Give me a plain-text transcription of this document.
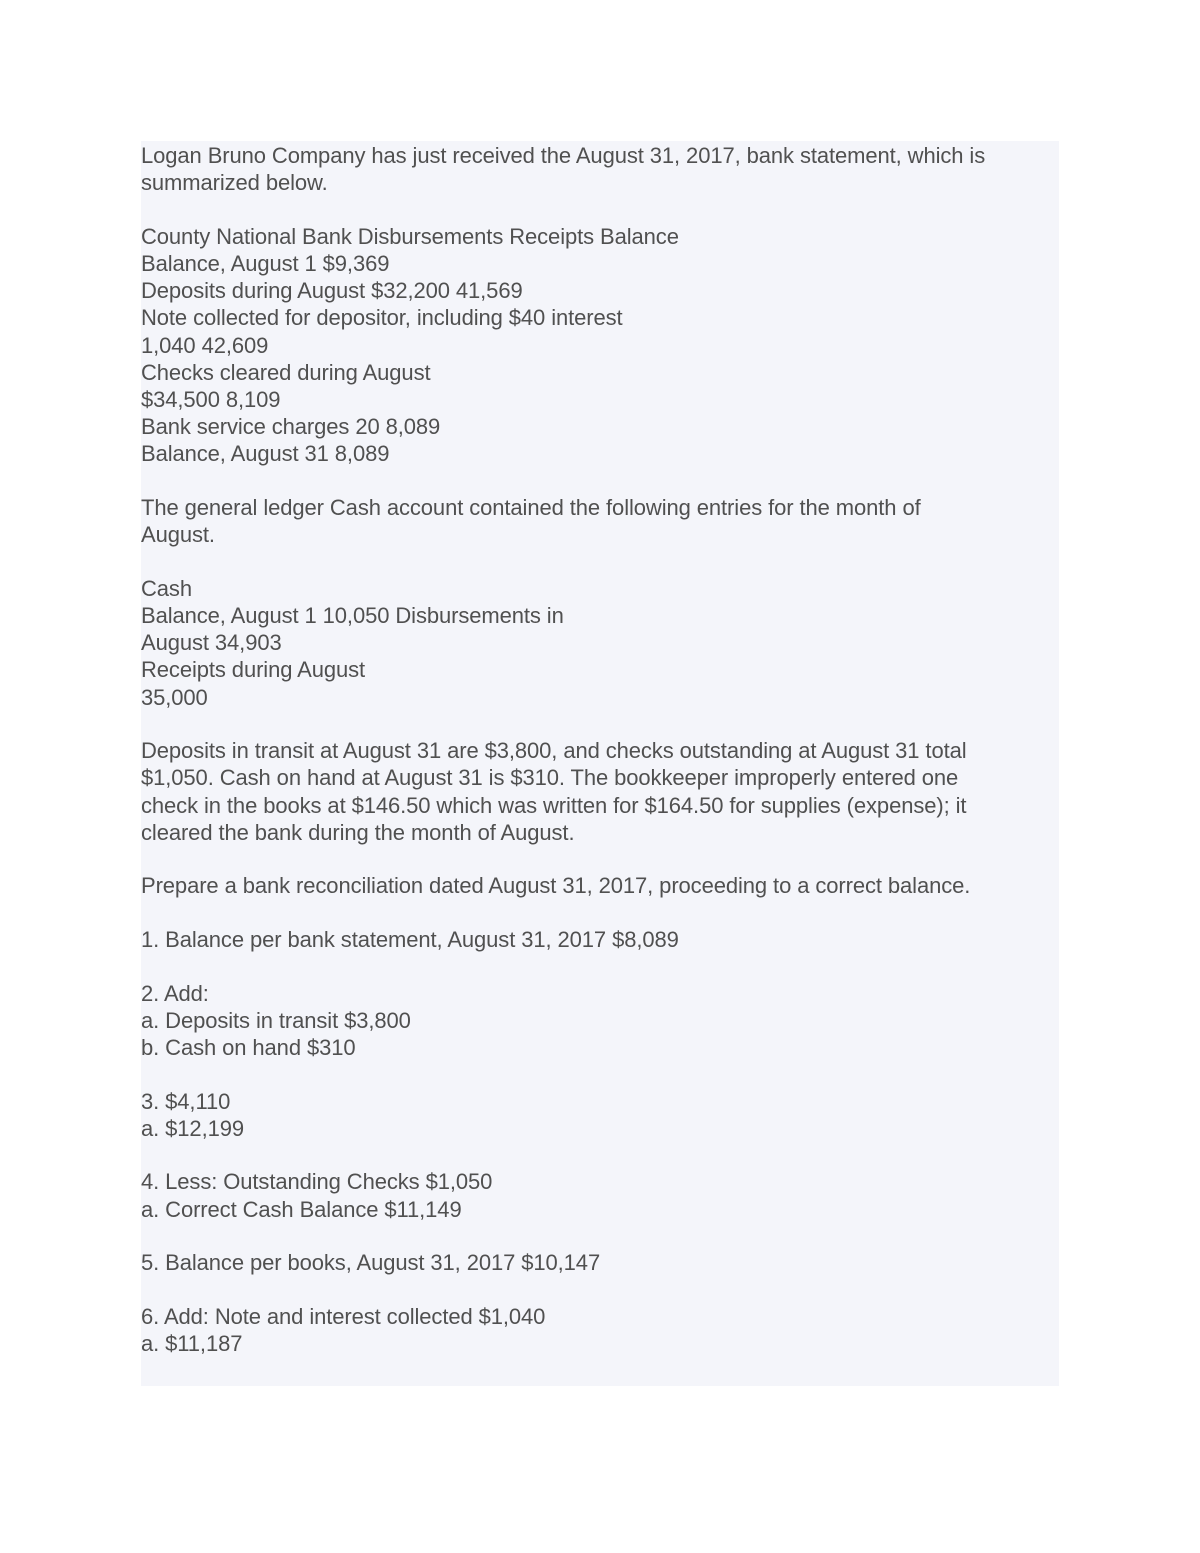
Logan Bruno Company has just received the August 31, 2017, bank statement, which is
summarized below.
County National Bank Disbursements Receipts Balance
Balance, August 1 $9,369
Deposits during August $32,200 41,569
Note collected for depositor, including $40 interest
1,040 42,609
Checks cleared during August
$34,500 8,109
Bank service charges 20 8,089
Balance, August 31 8,089
The general ledger Cash account contained the following entries for the month of
August.
Cash
Balance, August 1 10,050 Disbursements in
August 34,903
Receipts during August
35,000
Deposits in transit at August 31 are $3,800, and checks outstanding at August 31 total
$1,050. Cash on hand at August 31 is $310. The bookkeeper improperly entered one
check in the books at $146.50 which was written for $164.50 for supplies (expense); it
cleared the bank during the month of August.
Prepare a bank reconciliation dated August 31, 2017, proceeding to a correct balance.
1. Balance per bank statement, August 31, 2017 $8,089
2. Add:
a. Deposits in transit $3,800
b. Cash on hand $310
3. $4,110
a. $12,199
4. Less: Outstanding Checks $1,050
a. Correct Cash Balance $11,149
5. Balance per books, August 31, 2017 $10,147
6. Add: Note and interest collected $1,040
a. $11,187
